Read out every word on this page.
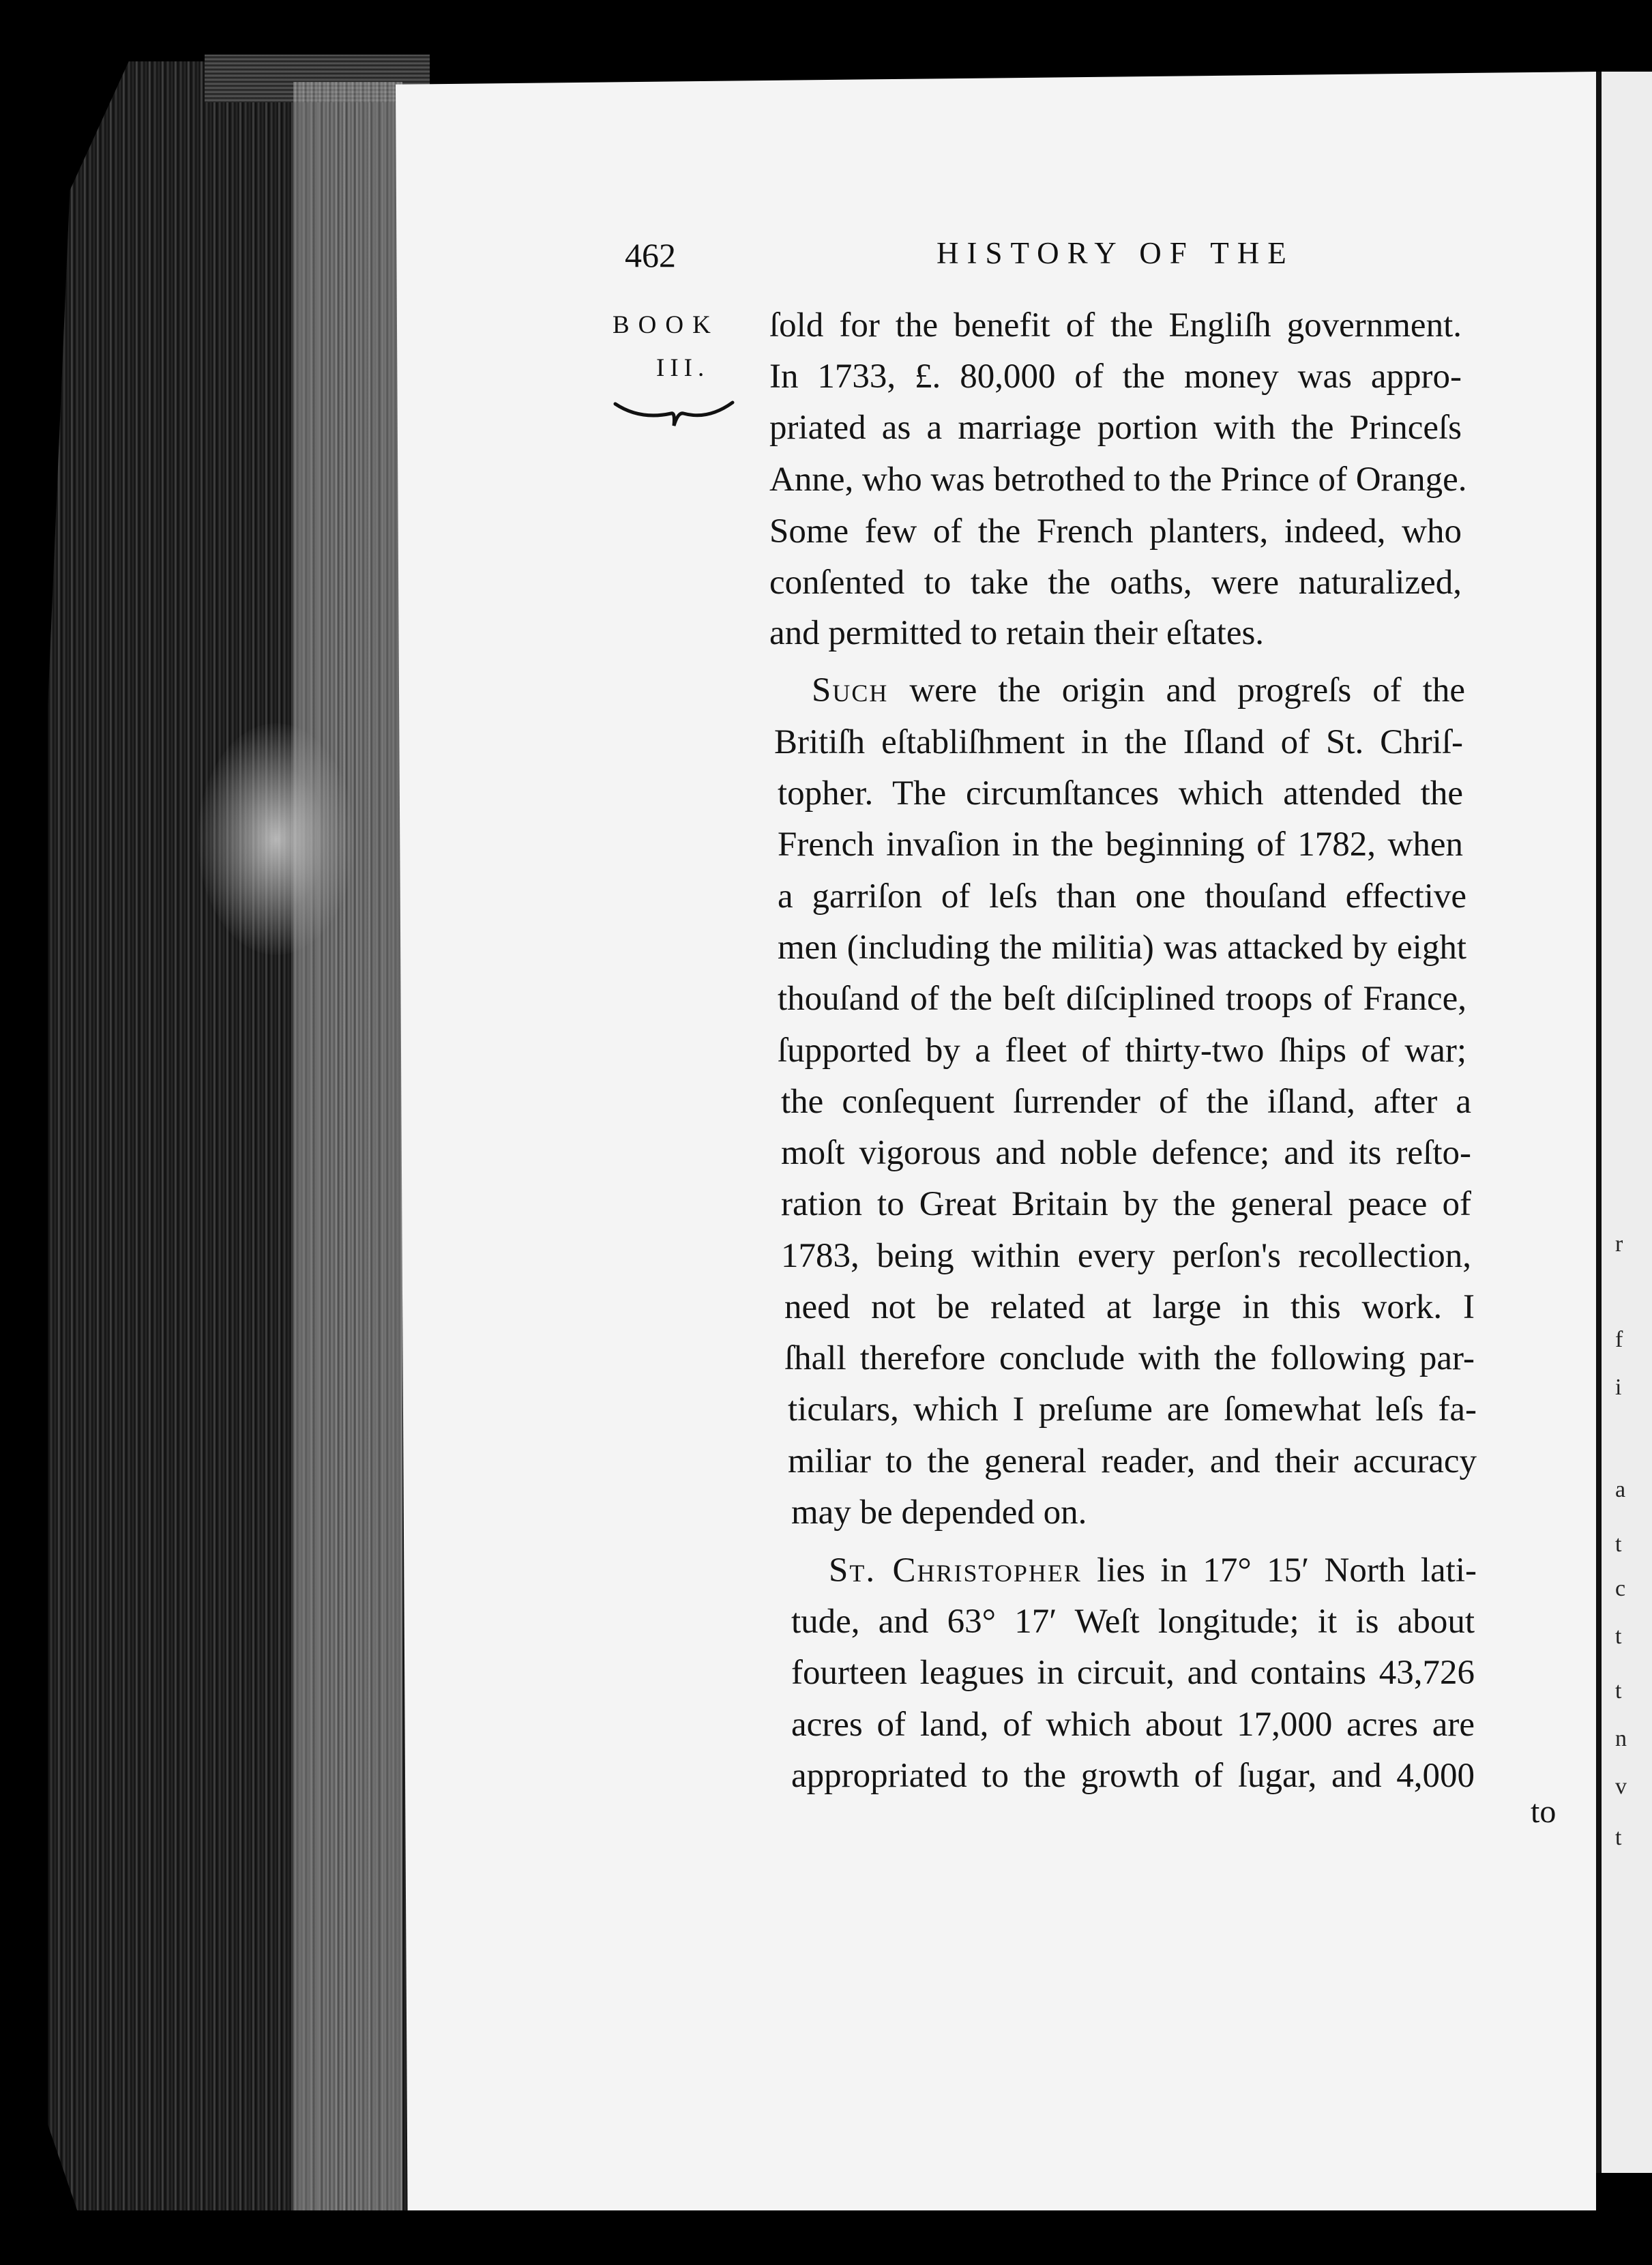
t
c
t
t
n
v
t
r
f
i
a
462	HISTORY OF THE
BOOK
III.
ſold for the benefit of the Engliſh government.
In 1733, £. 80,000 of the money was appro-
priated as a marriage portion with the Princeſs
Anne, who was betrothed to the Prince of Orange.
Some few of the French planters, indeed, who
conſented to take the oaths, were naturalized,
and permitted to retain their eſtates.
Such were the origin and progreſs of the
Britiſh eſtabliſhment in the Iſland of St. Chriſ-
topher. The circumſtances which attended the
French invaſion in the beginning of 1782, when
a garriſon of leſs than one thouſand effective
men (including the militia) was attacked by eight
thouſand of the beſt diſciplined troops of France,
ſupported by a fleet of thirty-two ſhips of war;
the conſequent ſurrender of the iſland, after a
moſt vigorous and noble defence; and its reſto-
ration to Great Britain by the general peace of
1783, being within every perſon's recollection,
need not be related at large in this work. I
ſhall therefore conclude with the following par-
ticulars, which I preſume are ſomewhat leſs fa-
miliar to the general reader, and their accuracy
may be depended on.
St. Christopher lies in 17° 15′ North lati-
tude, and 63° 17′ Weſt longitude; it is about
fourteen leagues in circuit, and contains 43,726
acres of land, of which about 17,000 acres are
appropriated to the growth of ſugar, and 4,000
to
